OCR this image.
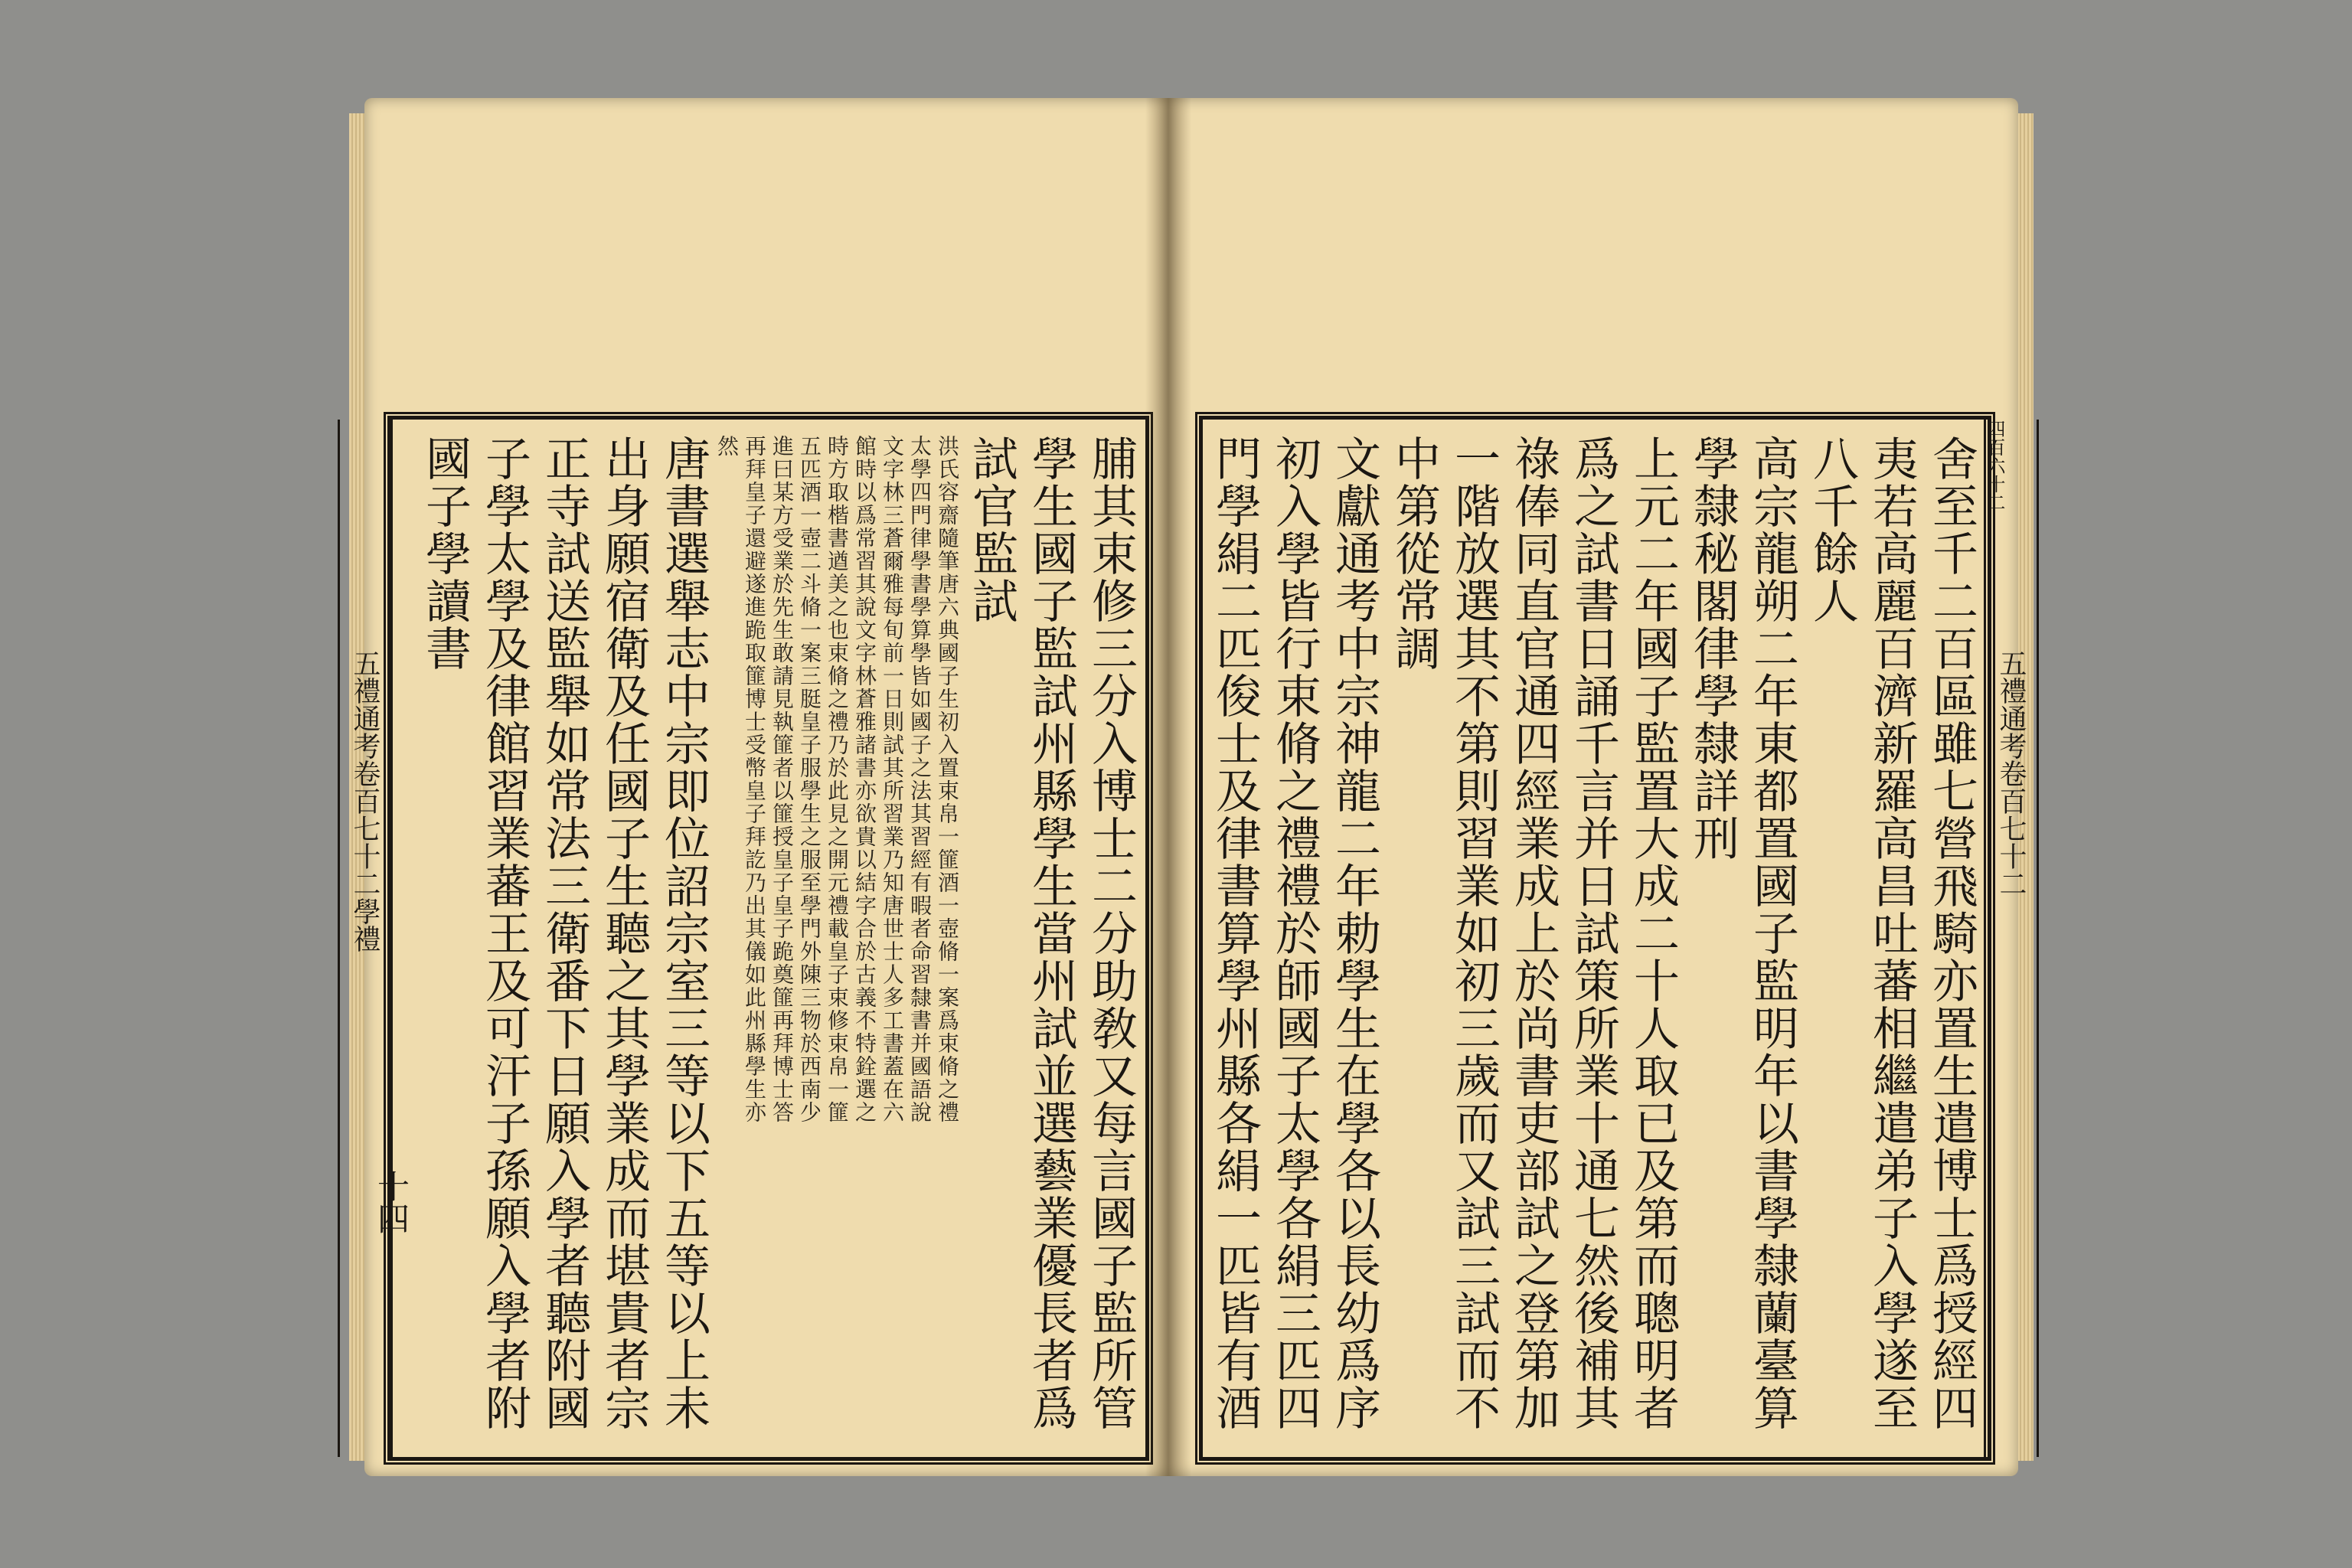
脯其束修三分入博士二分助敎又每言國子監所管
學生國子監試州縣學生當州試並選藝業優長者爲
試官監試
洪氏容齋隨筆唐六典國子生初入置束帛一篚酒一壺脩一案爲束脩之禮
太學四門律學書學算學皆如國子之法其習經有暇者命習隸書并國語說
文字林三蒼爾雅每旬前一日則試其所習業乃知唐世士人多工書蓋在六
館時以爲常習其說文字林蒼雅諸書亦欲貴以結字合於古義不特銓選之
時方取楷書遒美之也束脩之禮乃於此見之開元禮載皇子束修束帛一篚
五匹酒一壺二斗脩一案三脡皇子服學生之服至學門外陳三物於西南少
進曰某方受業於先生敢請見執篚者以篚授皇子皇子跪奠篚再拜博士答
再拜皇子還避遂進跪取篚博士受幣皇子拜訖乃出其儀如此州縣學生亦
然
唐書選舉志中宗即位詔宗室三等以下五等以上未
出身願宿衛及任國子生聽之其學業成而堪貴者宗
正寺試送監舉如常法三衛番下日願入學者聽附國
子學太學及律館習業蕃王及可汗子孫願入學者附
國子學讀書
五禮通考卷百七十二學禮
十四	舍至千二百區雖七營飛騎亦置生遣博士爲授經四
夷若高麗百濟新羅高昌吐蕃相繼遣弟子入學遂至
八千餘人
高宗龍朔二年東都置國子監明年以書學隸蘭臺算
學隸秘閣律學隸詳刑
上元二年國子監置大成二十人取已及第而聰明者
爲之試書日誦千言并日試策所業十通七然後補其
祿俸同直官通四經業成上於尚書吏部試之登第加
一階放選其不第則習業如初三歲而又試三試而不
中第從常調
文獻通考中宗神龍二年勅學生在學各以長幼爲序
初入學皆行束脩之禮禮於師國子太學各絹三匹四
門學絹二匹俊士及律書算學州縣各絹一匹皆有酒	五禮通考卷百七十二
四百六十二
